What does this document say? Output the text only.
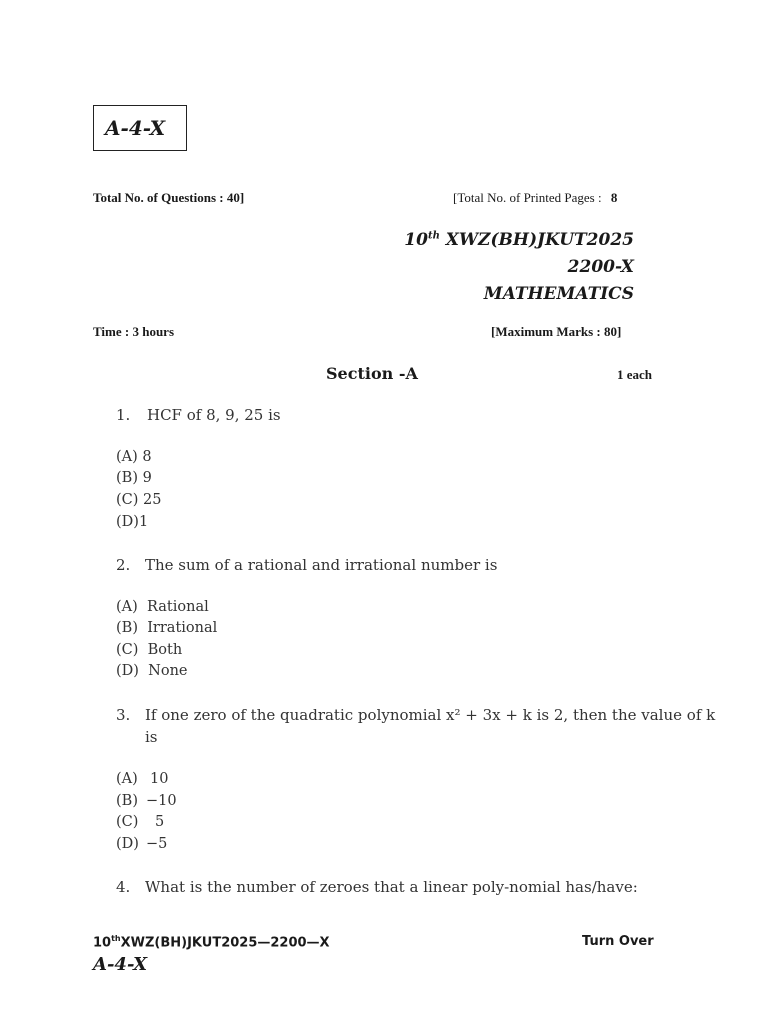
A-4-X
Total No. of Questions : 40]	[Total No. of Printed Pages : 8
10th XWZ(BH)JKUT2025
2200-X
MATHEMATICS
Time : 3 hours	[Maximum Marks : 80]
Section -A	1 each
1. HCF of 8, 9, 25 is
(A) 8
(B) 9
(C) 25
(D)1
2. The sum of a rational and irrational number is
(A) Rational
(B) Irrational
(C) Both
(D) None
3. If one zero of the quadratic polynomial x² + 3x + k is 2, then the value of k
is
(A) 10
(B) −10
(C) 5
(D) −5
4. What is the number of zeroes that a linear poly-nomial has/have:
10thXWZ(BH)JKUT2025—2200—X	Turn Over
A-4-X
